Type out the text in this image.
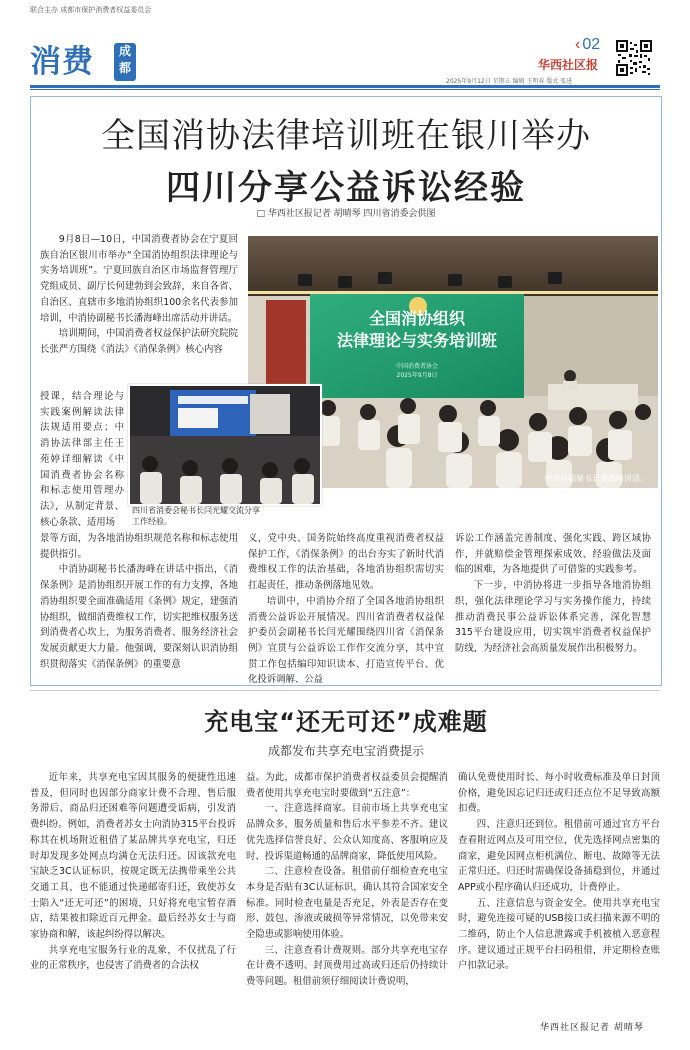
联合主办 成都市保护消费者权益委员会
消费	成
都
‹ 02
华西社区报
2025年9月12日 星期五 编辑 王明春 版式 张进
全国消协法律培训班在银川举办
四川分享公益诉讼经验
□ 华西社区报记者 胡晴琴 四川省消委会供图

9月8日—10日，中国消费者协会在宁夏回族自治区银川市举办“全国消协组织法律理论与实务培训班”。宁夏回族自治区市场监督管理厅党组成员、副厅长何建勃到会致辞，来自各省、自治区、直辖市多地消协组织100余名代表参加培训，中消协副秘书长潘海峰出席活动并讲话。

培训期间，中国消费者权益保护法研究院院长张严方围绕《消法》《消保条例》核心内容

授课，结合理论与实践案例解读法律法规适用要点；中消协法律部主任王苑婷详细解读《中国消费者协会名称和标志使用管理办法》，从制定背景、核心条款、适用场
景等方面，为各地消协组织规范名称和标志使用提供指引。

中消协副秘书长潘海峰在讲话中指出，《消保条例》是消协组织开展工作的有力支撑，各地消协组织要全面准确适用《条例》规定，建强消协组织，做细消费维权工作，切实把维权服务送到消费者心坎上，为服务消费者、服务经济社会发展贡献更大力量。他强调，要深刻认识消协组织贯彻落实《消保条例》的重要意

全国消协组织
法律理论与实务培训班
中国消费者协会
2025年9月8日
中消协副秘书长潘海峰讲话。
四川省消委会秘书长闫光耀交流分享
工作经验。
义，党中央、国务院始终高度重视消费者权益保护工作，《消保条例》的出台夯实了新时代消费维权工作的法治基础，各地消协组织需切实扛起责任，推动条例落地见效。

培训中，中消协介绍了全国各地消协组织消费公益诉讼开展情况。四川省消费者权益保护委员会副秘书长闫光耀围绕四川省《消保条例》宣贯与公益诉讼工作作交流分享，其中宣贯工作包括编印知识读本、打造宣传平台、优化投诉调解、公益

诉讼工作涵盖完善制度、强化实践、跨区域协作，并就赔偿金管理探索成效、经验做法及面临的困难，为各地提供了可借鉴的实践参考。

下一步，中消协将进一步指导各地消协组织，强化法律理论学习与实务操作能力，持续推动消费民事公益诉讼体系完善，深化智慧315平台建设应用，切实筑牢消费者权益保护防线，为经济社会高质量发展作出积极努力。

充电宝“还无可还”成难题
成都发布共享充电宝消费提示

近年来，共享充电宝因其服务的便捷性迅速普及，但同时也因部分商家计费不合理、售后服务滞后、商品归还困难等问题遭受诟病，引发消费纠纷。例如，消费者苏女士向消协315平台投诉称其在机场附近租借了某品牌共享充电宝，归还时却发现多处网点均满仓无法归还。因该款充电宝缺乏3C认证标识，按规定既无法携带乘坐公共交通工具，也不能通过快递邮寄归还，致使苏女士陷入“还无可还”的困境，只好将充电宝暂存酒店，结果被扣除近百元押金。最后经苏女士与商家协商和解，该起纠纷得以解决。

共享充电宝服务行业的乱象，不仅扰乱了行业的正常秩序，也侵害了消费者的合法权

益。为此，成都市保护消费者权益委员会提醒消费者使用共享充电宝时要做到“五注意”：

一、注意选择商家。目前市场上共享充电宝品牌众多，服务质量和售后水平参差不齐。建议优先选择信誉良好、公众认知度高、客服响应及时、投诉渠道畅通的品牌商家，降低使用风险。

二、注意检查设备。租借前仔细检查充电宝本身是否贴有3C认证标识，确认其符合国家安全标准。同时检查电量是否充足，外表是否存在变形、鼓包、渗液或破损等异常情况，以免带来安全隐患或影响使用体验。

三、注意查看计费规则。部分共享充电宝存在计费不透明、封顶费用过高或归还后仍持续计费等问题。租借前须仔细阅读计费说明，

确认免费使用时长、每小时收费标准及单日封顶价格，避免因忘记归还或归还点位不足导致高额扣费。

四、注意归还到位。租借前可通过官方平台查看附近网点及可用空位，优先选择网点密集的商家，避免因网点柜机满位、断电、故障等无法正常归还。归还时需确保设备插稳到位，并通过APP或小程序确认归还成功，计费停止。

五、注意信息与资金安全。使用共享充电宝时，避免连接可疑的USB接口或扫描来源不明的二维码，防止个人信息泄露或手机被植入恶意程序。建议通过正规平台扫码租借，并定期检查账户扣款记录。

华西社区报记者 胡晴琴
